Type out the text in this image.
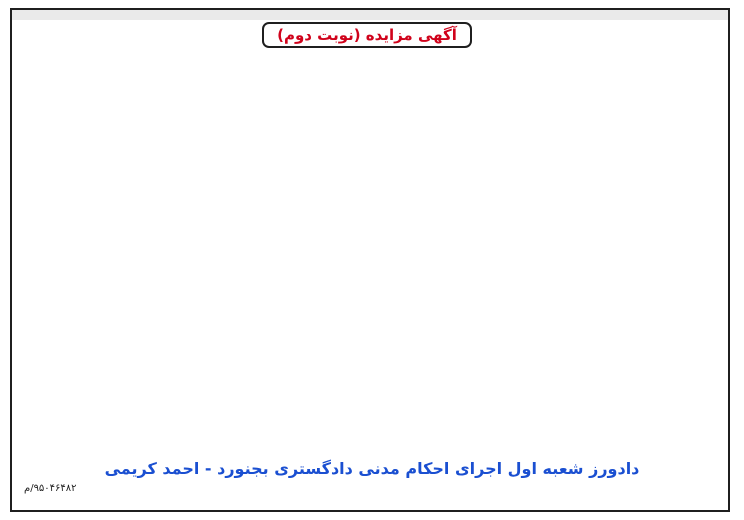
آگهی مزایده (نوبت دوم)

دادورز شعبه اول اجرای احکام مدنی دادگستری بجنورد - احمد کریمی

۹۵۰۴۶۴۸۲/م
